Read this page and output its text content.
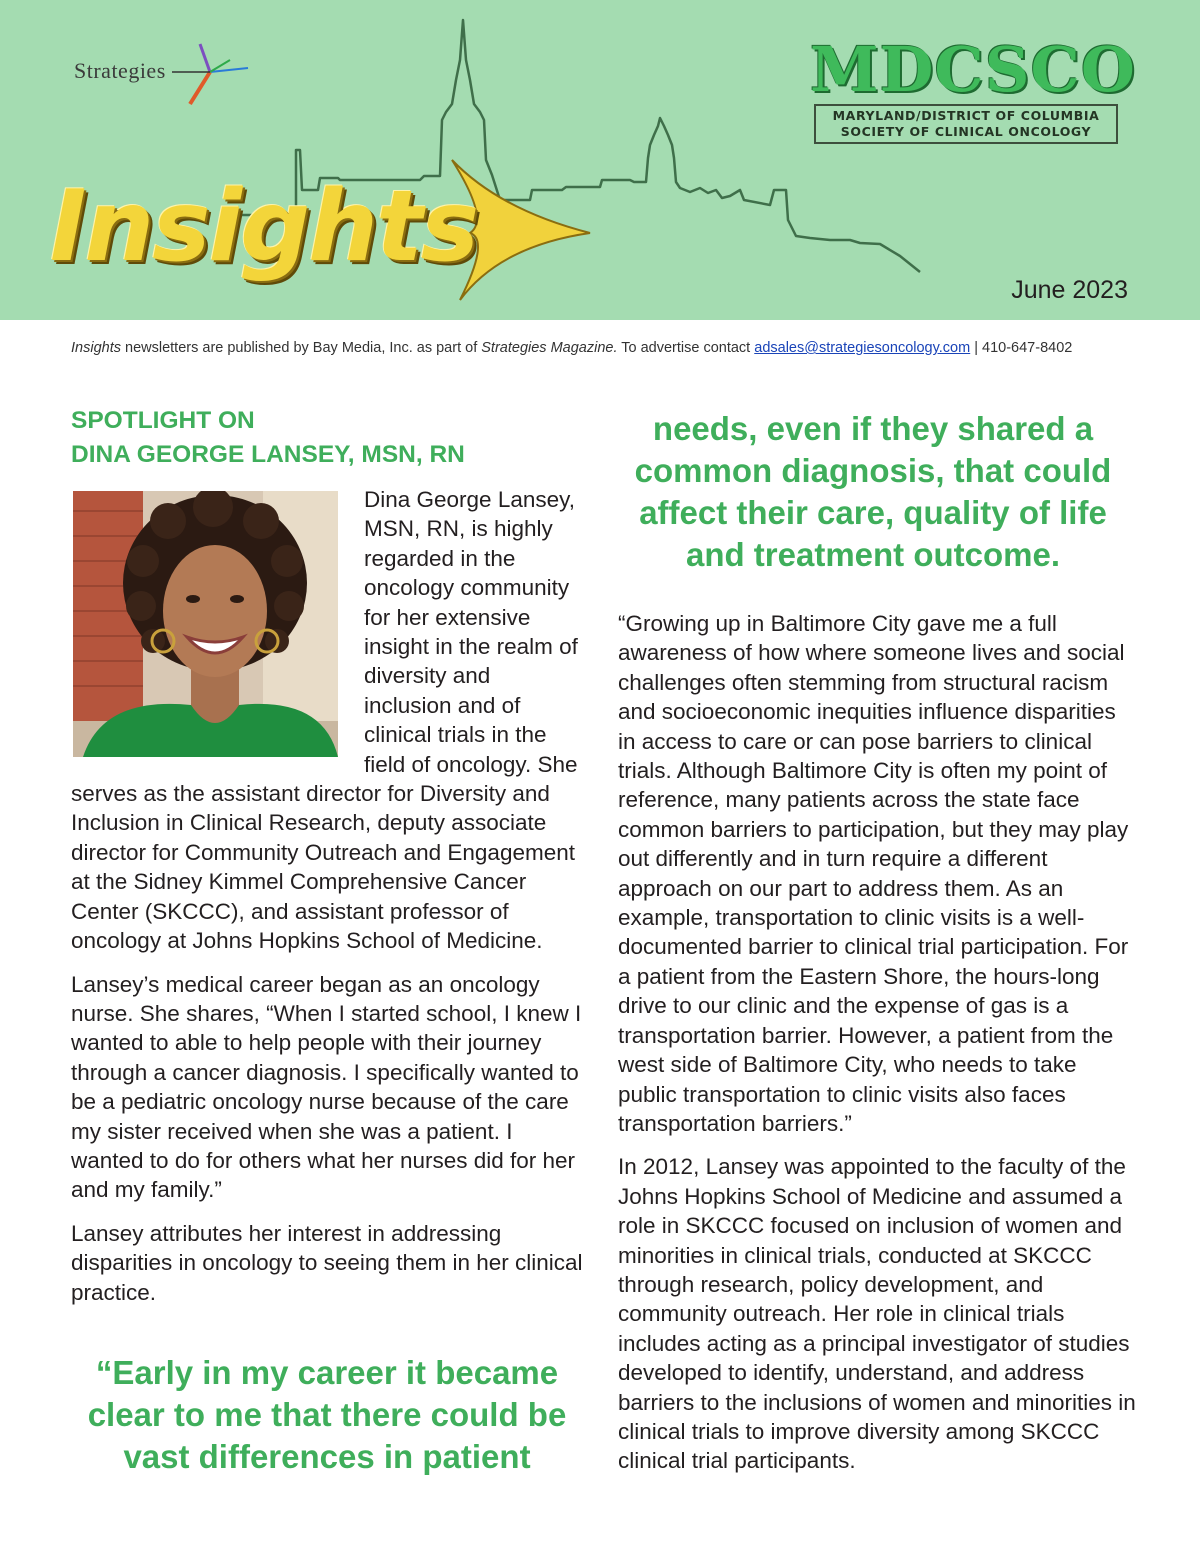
Strategies
Insights
MDCSCO
MARYLAND/DISTRICT OF COLUMBIA
SOCIETY OF CLINICAL ONCOLOGY
June 2023
Insights newsletters are published by Bay Media, Inc. as part of Strategies Magazine. To advertise contact adsales@strategiesoncology.com | 410-647-8402
SPOTLIGHT ON
DINA GEORGE LANSEY, MSN, RN

Dina George Lansey, MSN, RN, is highly regarded in the oncology community for her extensive insight in the realm of diversity and inclusion and of clinical trials in the field of oncology. She serves as the assistant director for Diversity and Inclusion in Clinical Research, deputy associate director for Community Outreach and Engagement at the Sidney Kimmel Comprehensive Cancer Center (SKCCC), and assistant professor of oncology at Johns Hopkins School of Medicine.

Lansey’s medical career began as an oncology nurse. She shares, “When I started school, I knew I wanted to able to help people with their journey through a cancer diagnosis. I specifically wanted to be a pediatric oncology nurse because of the care my sister received when she was a patient. I wanted to do for others what her nurses did for her and my family.”

Lansey attributes her interest in addressing disparities in oncology to seeing them in her clinical practice.

“Early in my career it became clear to me that there could be vast differences in patient

needs, even if they shared a common diagnosis, that could affect their care, quality of life and treatment outcome.

“Growing up in Baltimore City gave me a full awareness of how where someone lives and social challenges often stemming from structural racism and socioeconomic inequities influence disparities in access to care or can pose barriers to clinical trials. Although Baltimore City is often my point of reference, many patients across the state face common barriers to participation, but they may play out differently and in turn require a different approach on our part to address them. As an example, transportation to clinic visits is a well-documented barrier to clinical trial participation. For a patient from the Eastern Shore, the hours-long drive to our clinic and the expense of gas is a transportation barrier. However, a patient from the west side of Baltimore City, who needs to take public transportation to clinic visits also faces transportation barriers.”

In 2012, Lansey was appointed to the faculty of the Johns Hopkins School of Medicine and assumed a role in SKCCC focused on inclusion of women and minorities in clinical trials, conducted at SKCCC through research, policy development, and community outreach. Her role in clinical trials includes acting as a principal investigator of studies developed to identify, understand, and address barriers to the inclusions of women and minorities in clinical trials to improve diversity among SKCCC clinical trial participants.
